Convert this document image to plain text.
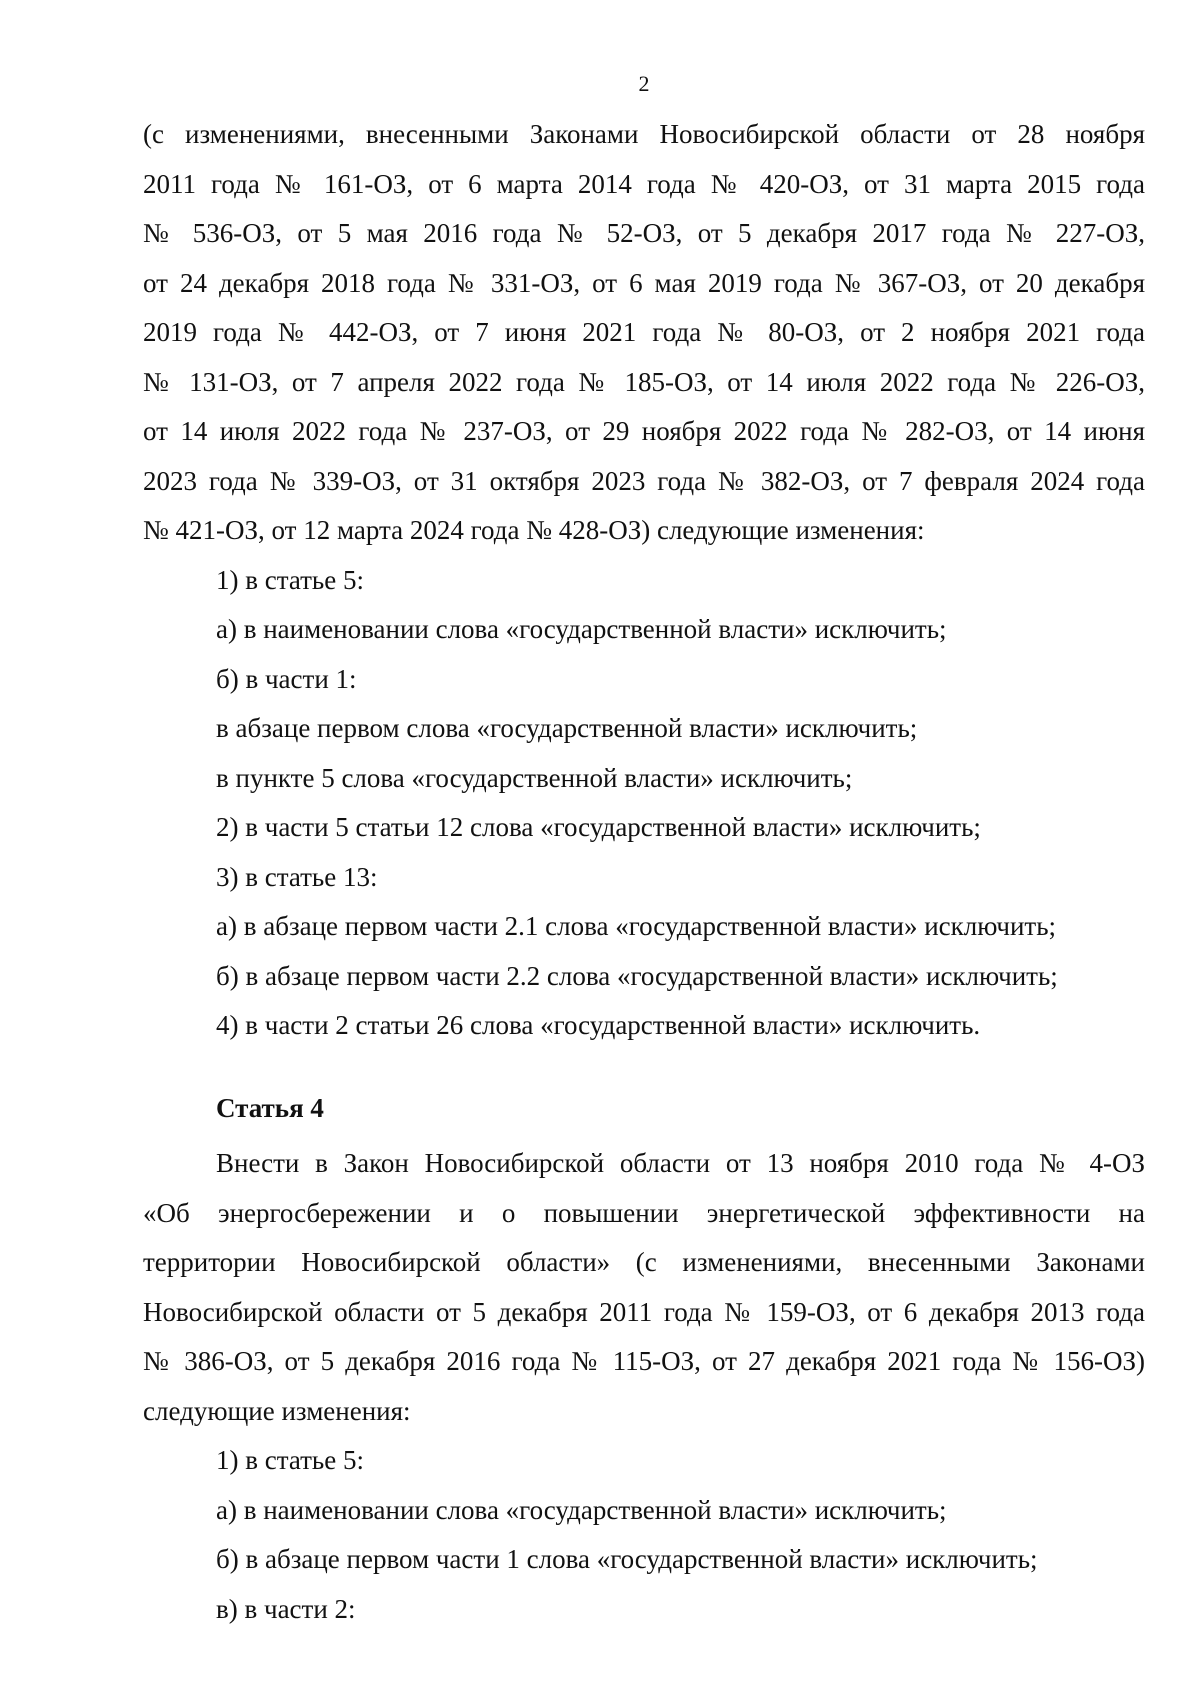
2

(с изменениями, внесенными Законами Новосибирской области от 28 ноября

2011 года № 161-ОЗ, от 6 марта 2014 года № 420-ОЗ, от 31 марта 2015 года

№ 536-ОЗ, от 5 мая 2016 года № 52-ОЗ, от 5 декабря 2017 года № 227-ОЗ,

от 24 декабря 2018 года № 331-ОЗ, от 6 мая 2019 года № 367-ОЗ, от 20 декабря

2019 года № 442-ОЗ, от 7 июня 2021 года № 80-ОЗ, от 2 ноября 2021 года

№ 131-ОЗ, от 7 апреля 2022 года № 185-ОЗ, от 14 июля 2022 года № 226-ОЗ,

от 14 июля 2022 года № 237-ОЗ, от 29 ноября 2022 года № 282-ОЗ, от 14 июня

2023 года № 339-ОЗ, от 31 октября 2023 года № 382-ОЗ, от 7 февраля 2024 года

№ 421-ОЗ, от 12 марта 2024 года № 428-ОЗ) следующие изменения:

1) в статье 5:
а) в наименовании слова «государственной власти» исключить;
б) в части 1:
в абзаце первом слова «государственной власти» исключить;
в пункте 5 слова «государственной власти» исключить;
2) в части 5 статьи 12 слова «государственной власти» исключить;
3) в статье 13:
а) в абзаце первом части 2.1 слова «государственной власти» исключить;
б) в абзаце первом части 2.2 слова «государственной власти» исключить;
4) в части 2 статьи 26 слова «государственной власти» исключить.
Статья 4

Внести в Закон Новосибирской области от 13 ноября 2010 года № 4-ОЗ

«Об энергосбережении и о повышении энергетической эффективности на

территории Новосибирской области» (с изменениями, внесенными Законами

Новосибирской области от 5 декабря 2011 года № 159-ОЗ, от 6 декабря 2013 года

№ 386-ОЗ, от 5 декабря 2016 года № 115-ОЗ, от 27 декабря 2021 года № 156-ОЗ)

следующие изменения:

1) в статье 5:
а) в наименовании слова «государственной власти» исключить;
б) в абзаце первом части 1 слова «государственной власти» исключить;
в) в части 2:
